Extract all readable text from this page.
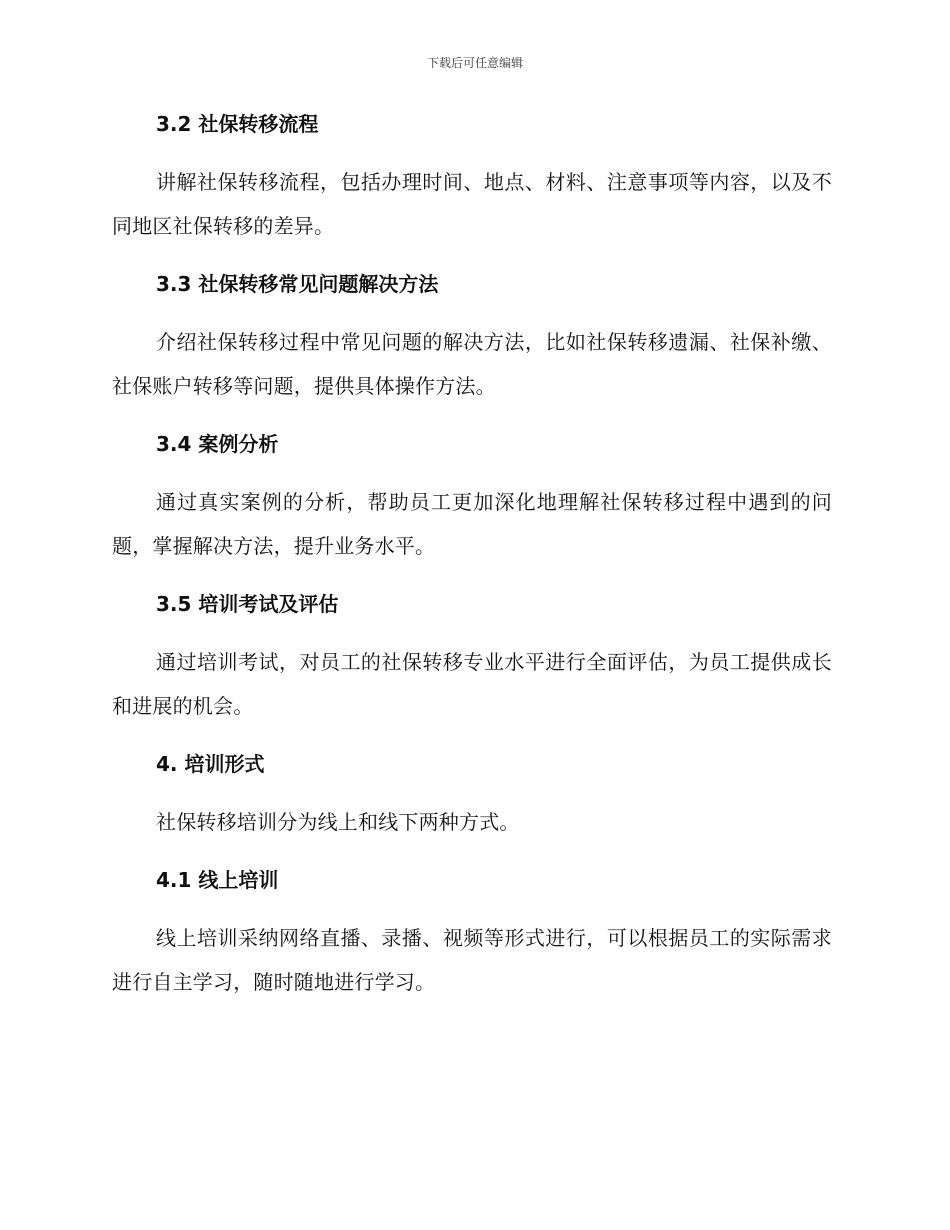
下载后可任意编辑
3.2 社保转移流程

讲解社保转移流程，包括办理时间、地点、材料、注意事项等内容，以及不同地区社保转移的差异。

3.3 社保转移常见问题解决方法

介绍社保转移过程中常见问题的解决方法，比如社保转移遗漏、社保补缴、社保账户转移等问题，提供具体操作方法。

3.4 案例分析

通过真实案例的分析，帮助员工更加深化地理解社保转移过程中遇到的问题，掌握解决方法，提升业务水平。

3.5 培训考试及评估

通过培训考试，对员工的社保转移专业水平进行全面评估，为员工提供成长和进展的机会。

4. 培训形式

社保转移培训分为线上和线下两种方式。

4.1 线上培训

线上培训采纳网络直播、录播、视频等形式进行，可以根据员工的实际需求进行自主学习，随时随地进行学习。
